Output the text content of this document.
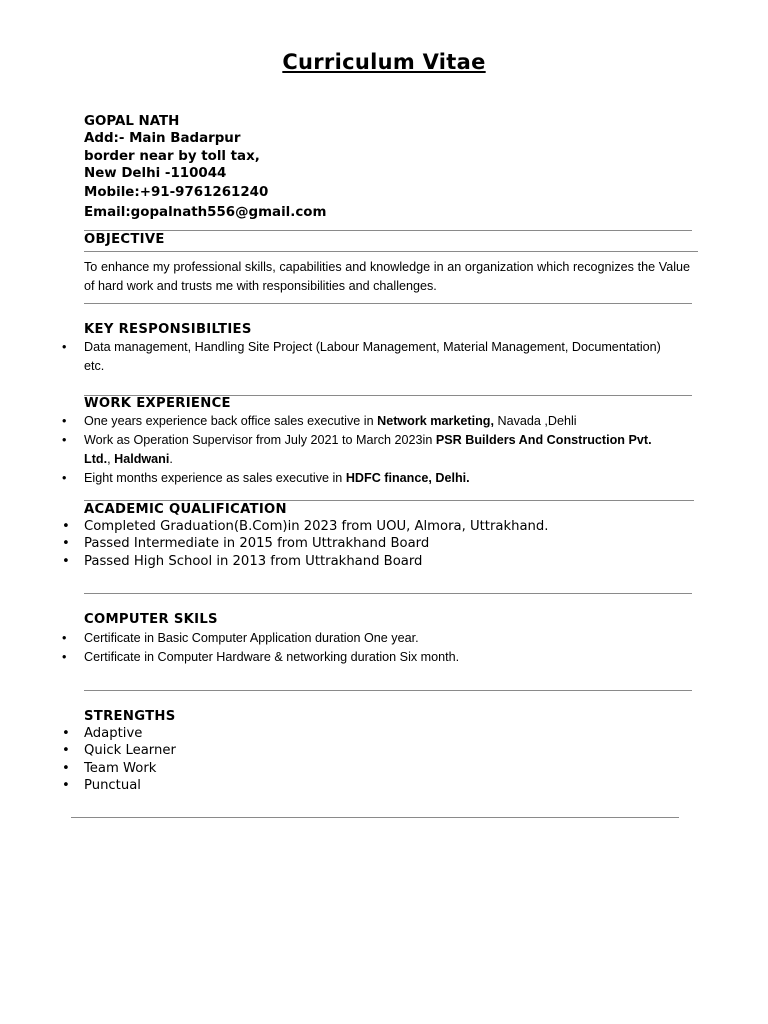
Curriculum Vitae
GOPAL NATH
Add:- Main Badarpur
border near by toll tax,
New Delhi -110044
Mobile:+91-9761261240
Email:gopalnath556@gmail.com
OBJECTIVE
To enhance my professional skills, capabilities and knowledge in an organization which recognizes the Value of hard work and trusts me with responsibilities and challenges.
KEY RESPONSIBILTIES
• Data management, Handling Site Project (Labour Management, Material Management, Documentation)
etc.
WORK EXPERIENCE
• One years experience back office sales executive in Network marketing, Navada ,Dehli
• Work as Operation Supervisor from July 2021 to March 2023in PSR Builders And Construction Pvt.
Ltd., Haldwani.
• Eight months experience as sales executive in HDFC finance, Delhi.
ACADEMIC QUALIFICATION
• Completed Graduation(B.Com)in 2023 from UOU, Almora, Uttrakhand.
• Passed Intermediate in 2015 from Uttrakhand Board
• Passed High School in 2013 from Uttrakhand Board
COMPUTER SKILS
• Certificate in Basic Computer Application duration One year.
• Certificate in Computer Hardware & networking duration Six month.
STRENGTHS
• Adaptive
• Quick Learner
• Team Work
• Punctual
